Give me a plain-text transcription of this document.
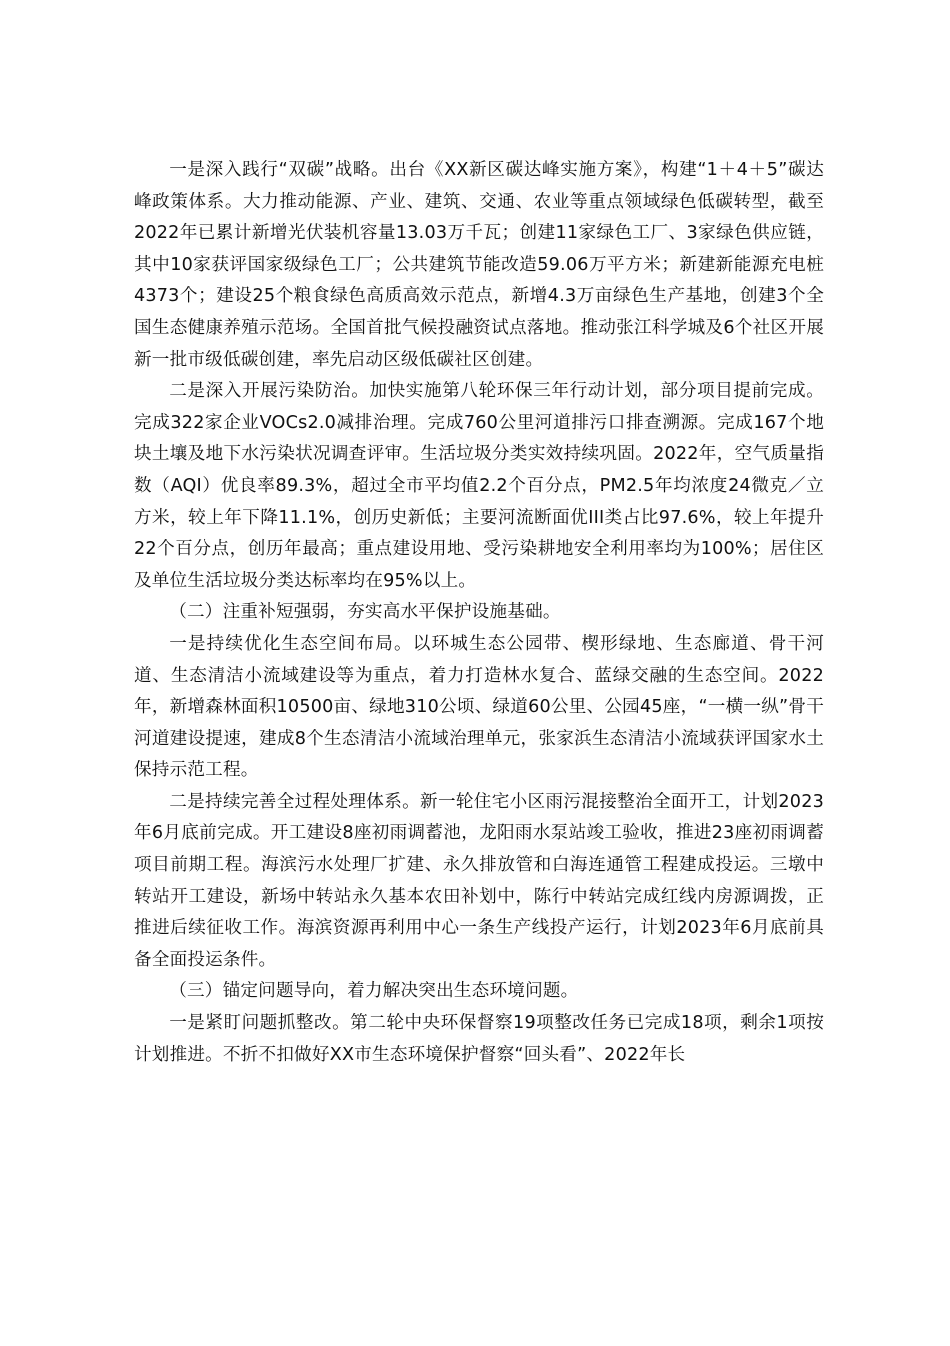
一是深入践行“双碳”战略。出台《XX新区碳达峰实施方案》，构建“1＋4＋5”碳达峰政策体系。大力推动能源、产业、建筑、交通、农业等重点领域绿色低碳转型，截至2022年已累计新增光伏装机容量13.03万千瓦；创建11家绿色工厂、3家绿色供应链，其中10家获评国家级绿色工厂；公共建筑节能改造59.06万平方米；新建新能源充电桩4373个；建设25个粮食绿色高质高效示范点，新增4.3万亩绿色生产基地，创建3个全国生态健康养殖示范场。全国首批气候投融资试点落地。推动张江科学城及6个社区开展新一批市级低碳创建，率先启动区级低碳社区创建。

二是深入开展污染防治。加快实施第八轮环保三年行动计划，部分项目提前完成。完成322家企业VOCs2.0减排治理。完成760公里河道排污口排查溯源。完成167个地块土壤及地下水污染状况调查评审。生活垃圾分类实效持续巩固。2022年，空气质量指数（AQI）优良率89.3%，超过全市平均值2.2个百分点，PM2.5年均浓度24微克／立方米，较上年下降11.1%，创历史新低；主要河流断面优III类占比97.6%，较上年提升22个百分点，创历年最高；重点建设用地、受污染耕地安全利用率均为100%；居住区及单位生活垃圾分类达标率均在95%以上。

（二）注重补短强弱，夯实高水平保护设施基础。

一是持续优化生态空间布局。以环城生态公园带、楔形绿地、生态廊道、骨干河道、生态清洁小流域建设等为重点，着力打造林水复合、蓝绿交融的生态空间。2022年，新增森林面积10500亩、绿地310公顷、绿道60公里、公园45座，“一横一纵”骨干河道建设提速，建成8个生态清洁小流域治理单元，张家浜生态清洁小流域获评国家水土保持示范工程。

二是持续完善全过程处理体系。新一轮住宅小区雨污混接整治全面开工，计划2023年6月底前完成。开工建设8座初雨调蓄池，龙阳雨水泵站竣工验收，推进23座初雨调蓄项目前期工程。海滨污水处理厂扩建、永久排放管和白海连通管工程建成投运。三墩中转站开工建设，新场中转站永久基本农田补划中，陈行中转站完成红线内房源调拨，正推进后续征收工作。海滨资源再利用中心一条生产线投产运行，计划2023年6月底前具备全面投运条件。

（三）锚定问题导向，着力解决突出生态环境问题。

一是紧盯问题抓整改。第二轮中央环保督察19项整改任务已完成18项，剩余1项按计划推进。不折不扣做好XX市生态环境保护督察“回头看”、2022年长
